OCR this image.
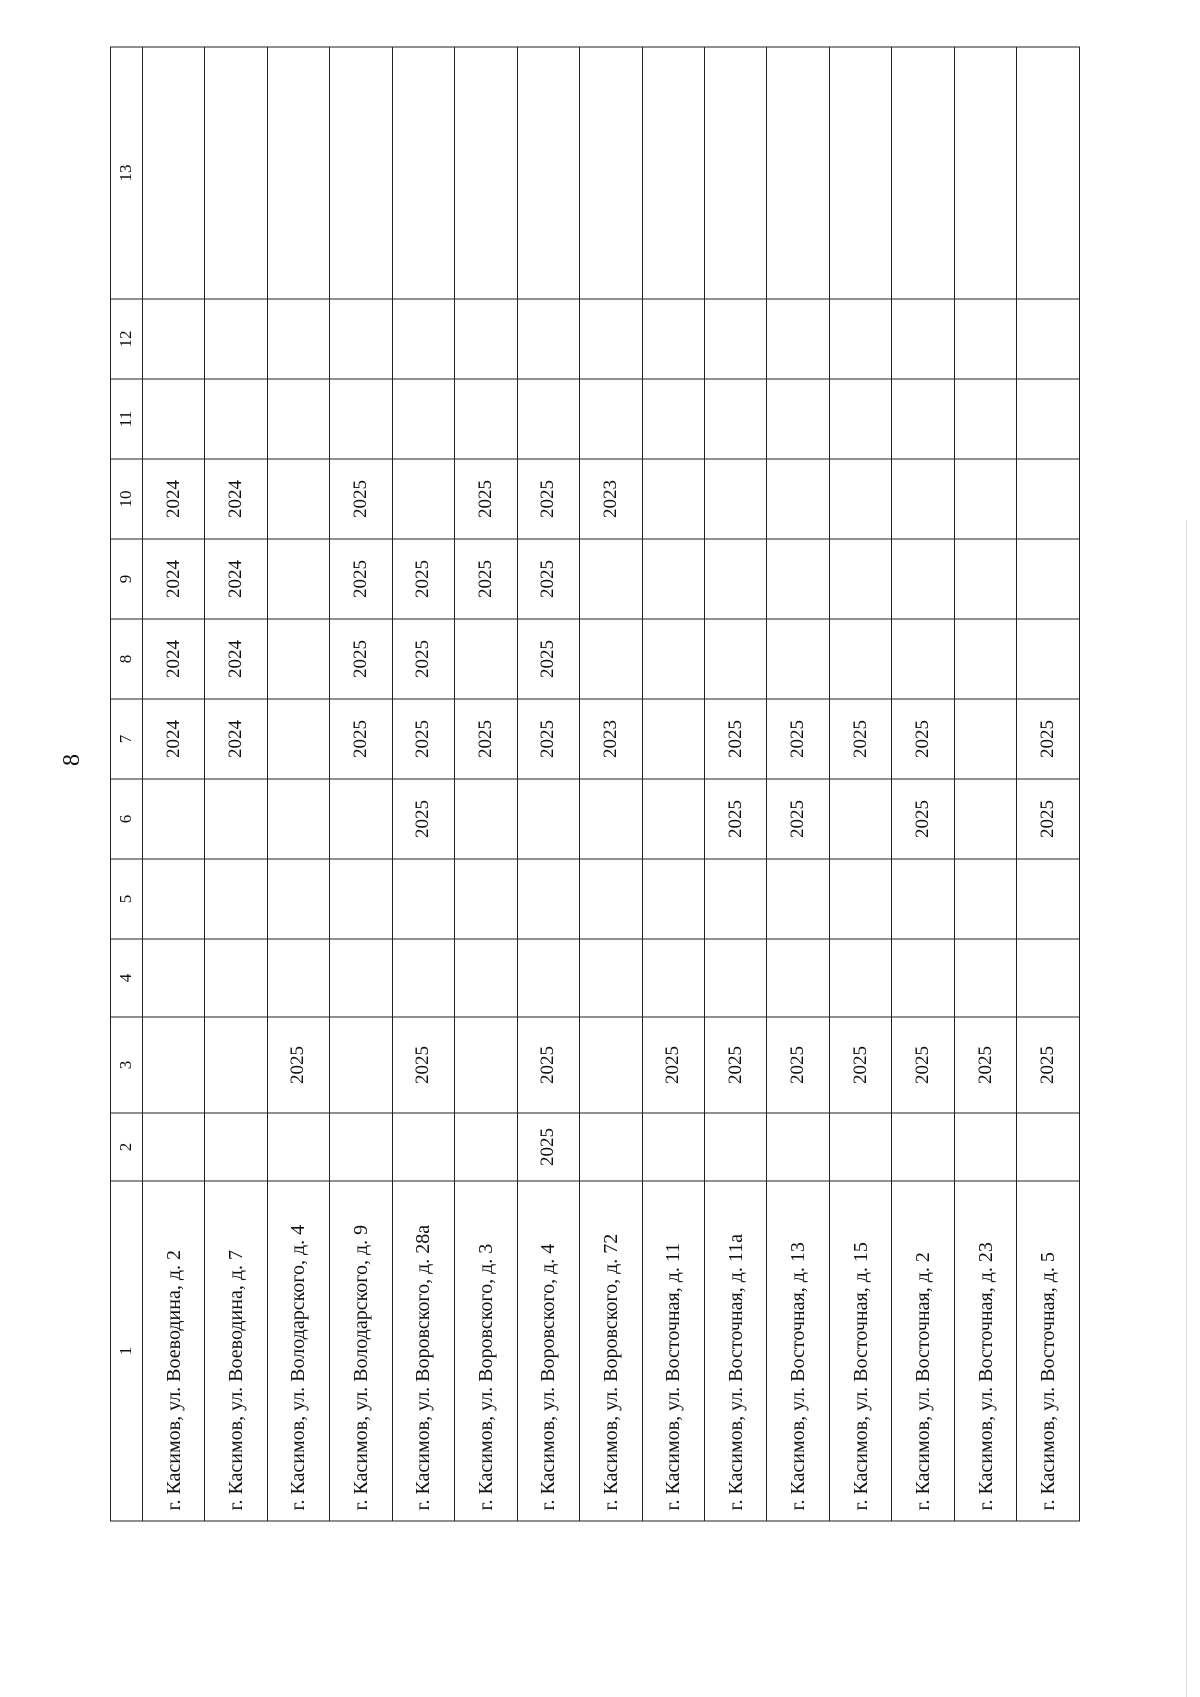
8
1	2	3	4	5	6	7	8	9	10	11	12	13
г. Касимов, ул. Воеводина, д. 2						2024	2024	2024	2024			
г. Касимов, ул. Воеводина, д. 7						2024	2024	2024	2024			
г. Касимов, ул. Володарского, д. 4		2025										
г. Касимов, ул. Володарского, д. 9						2025	2025	2025	2025			
г. Касимов, ул. Воровского, д. 28а		2025			2025	2025	2025	2025				
г. Касимов, ул. Воровского, д. 3						2025		2025	2025			
г. Касимов, ул. Воровского, д. 4	2025	2025				2025	2025	2025	2025			
г. Касимов, ул. Воровского, д. 72						2023			2023			
г. Касимов, ул. Восточная, д. 11		2025										
г. Касимов, ул. Восточная, д. 11а		2025			2025	2025						
г. Касимов, ул. Восточная, д. 13		2025			2025	2025						
г. Касимов, ул. Восточная, д. 15		2025				2025						
г. Касимов, ул. Восточная, д. 2		2025			2025	2025						
г. Касимов, ул. Восточная, д. 23		2025										
г. Касимов, ул. Восточная, д. 5		2025			2025	2025						
